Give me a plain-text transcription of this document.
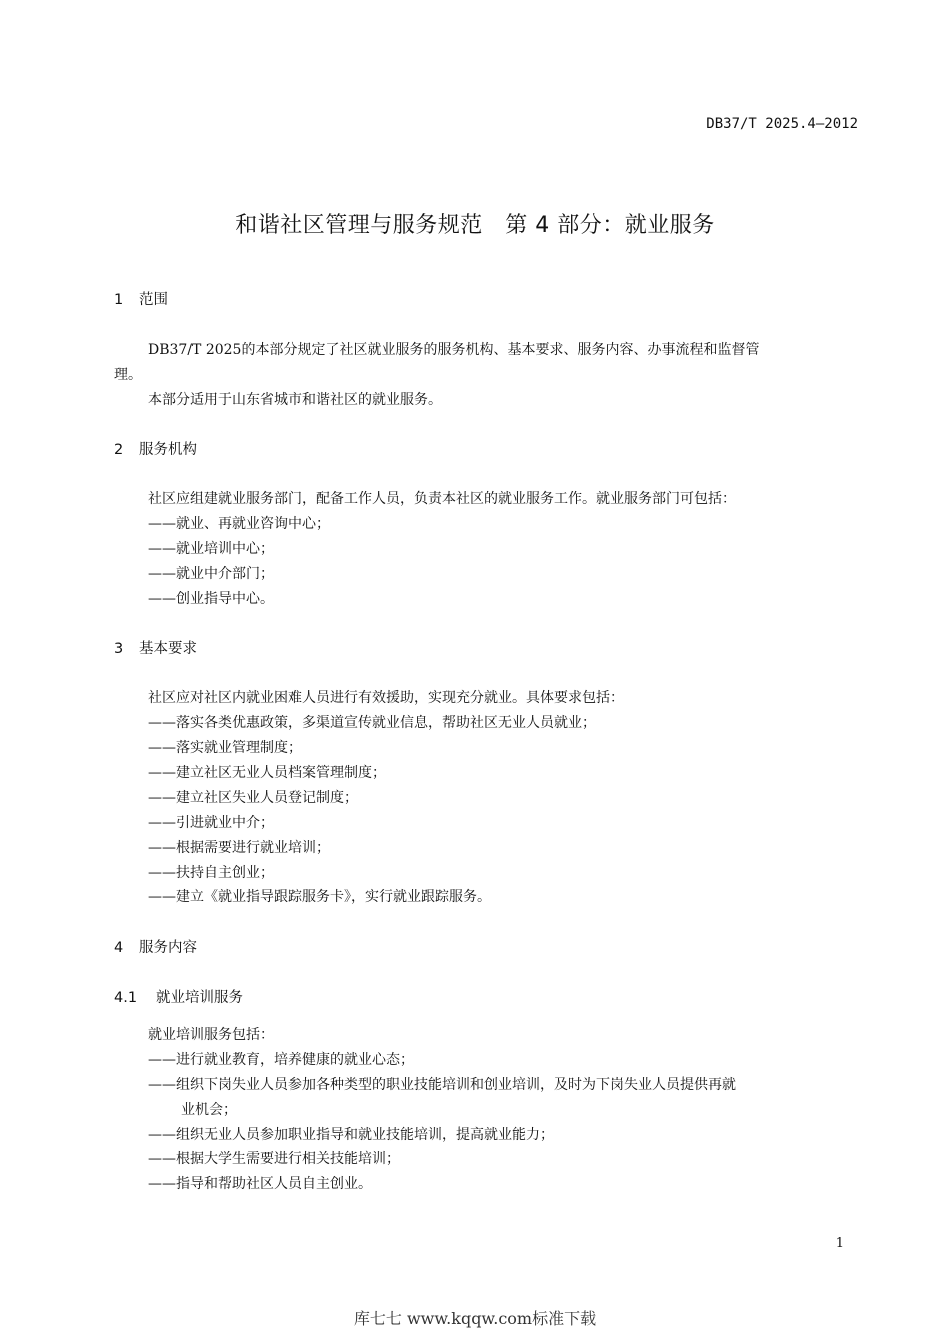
DB37/T 2025.4—2012
和谐社区管理与服务规范　第 4 部分：就业服务
1 范围
DB37/T 2025的本部分规定了社区就业服务的服务机构、基本要求、服务内容、办事流程和监督管
理。
本部分适用于山东省城市和谐社区的就业服务。
2 服务机构
社区应组建就业服务部门，配备工作人员，负责本社区的就业服务工作。就业服务部门可包括：
——就业、再就业咨询中心；
——就业培训中心；
——就业中介部门；
——创业指导中心。
3 基本要求
社区应对社区内就业困难人员进行有效援助，实现充分就业。具体要求包括：
——落实各类优惠政策，多渠道宣传就业信息，帮助社区无业人员就业；
——落实就业管理制度；
——建立社区无业人员档案管理制度；
——建立社区失业人员登记制度；
——引进就业中介；
——根据需要进行就业培训；
——扶持自主创业；
——建立《就业指导跟踪服务卡》，实行就业跟踪服务。
4 服务内容
4.1 就业培训服务
就业培训服务包括：
——进行就业教育，培养健康的就业心态；
——组织下岗失业人员参加各种类型的职业技能培训和创业培训，及时为下岗失业人员提供再就
业机会；
——组织无业人员参加职业指导和就业技能培训，提高就业能力；
——根据大学生需要进行相关技能培训；
——指导和帮助社区人员自主创业。
1
库七七 www.kqqw.com标准下载
